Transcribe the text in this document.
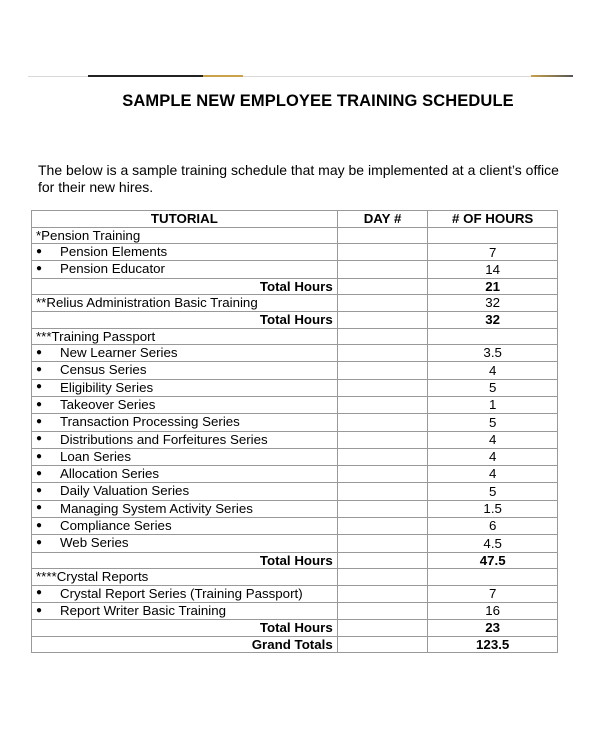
SAMPLE NEW EMPLOYEE TRAINING SCHEDULE
The below is a sample training schedule that may be implemented at a client’s office for their new hires.
TUTORIAL	DAY #	# OF HOURS
*Pension Training		
● Pension Elements		7
● Pension Educator		14
Total Hours		21
**Relius Administration Basic Training		32
Total Hours		32
***Training Passport		
● New Learner Series		3.5
● Census Series		4
● Eligibility Series		5
● Takeover Series		1
● Transaction Processing Series		5
● Distributions and Forfeitures Series		4
● Loan Series		4
● Allocation Series		4
● Daily Valuation Series		5
● Managing System Activity Series		1.5
● Compliance Series		6
● Web Series		4.5
Total Hours		47.5
****Crystal Reports		
● Crystal Report Series (Training Passport)		7
● Report Writer Basic Training		16
Total Hours		23
Grand Totals		123.5
